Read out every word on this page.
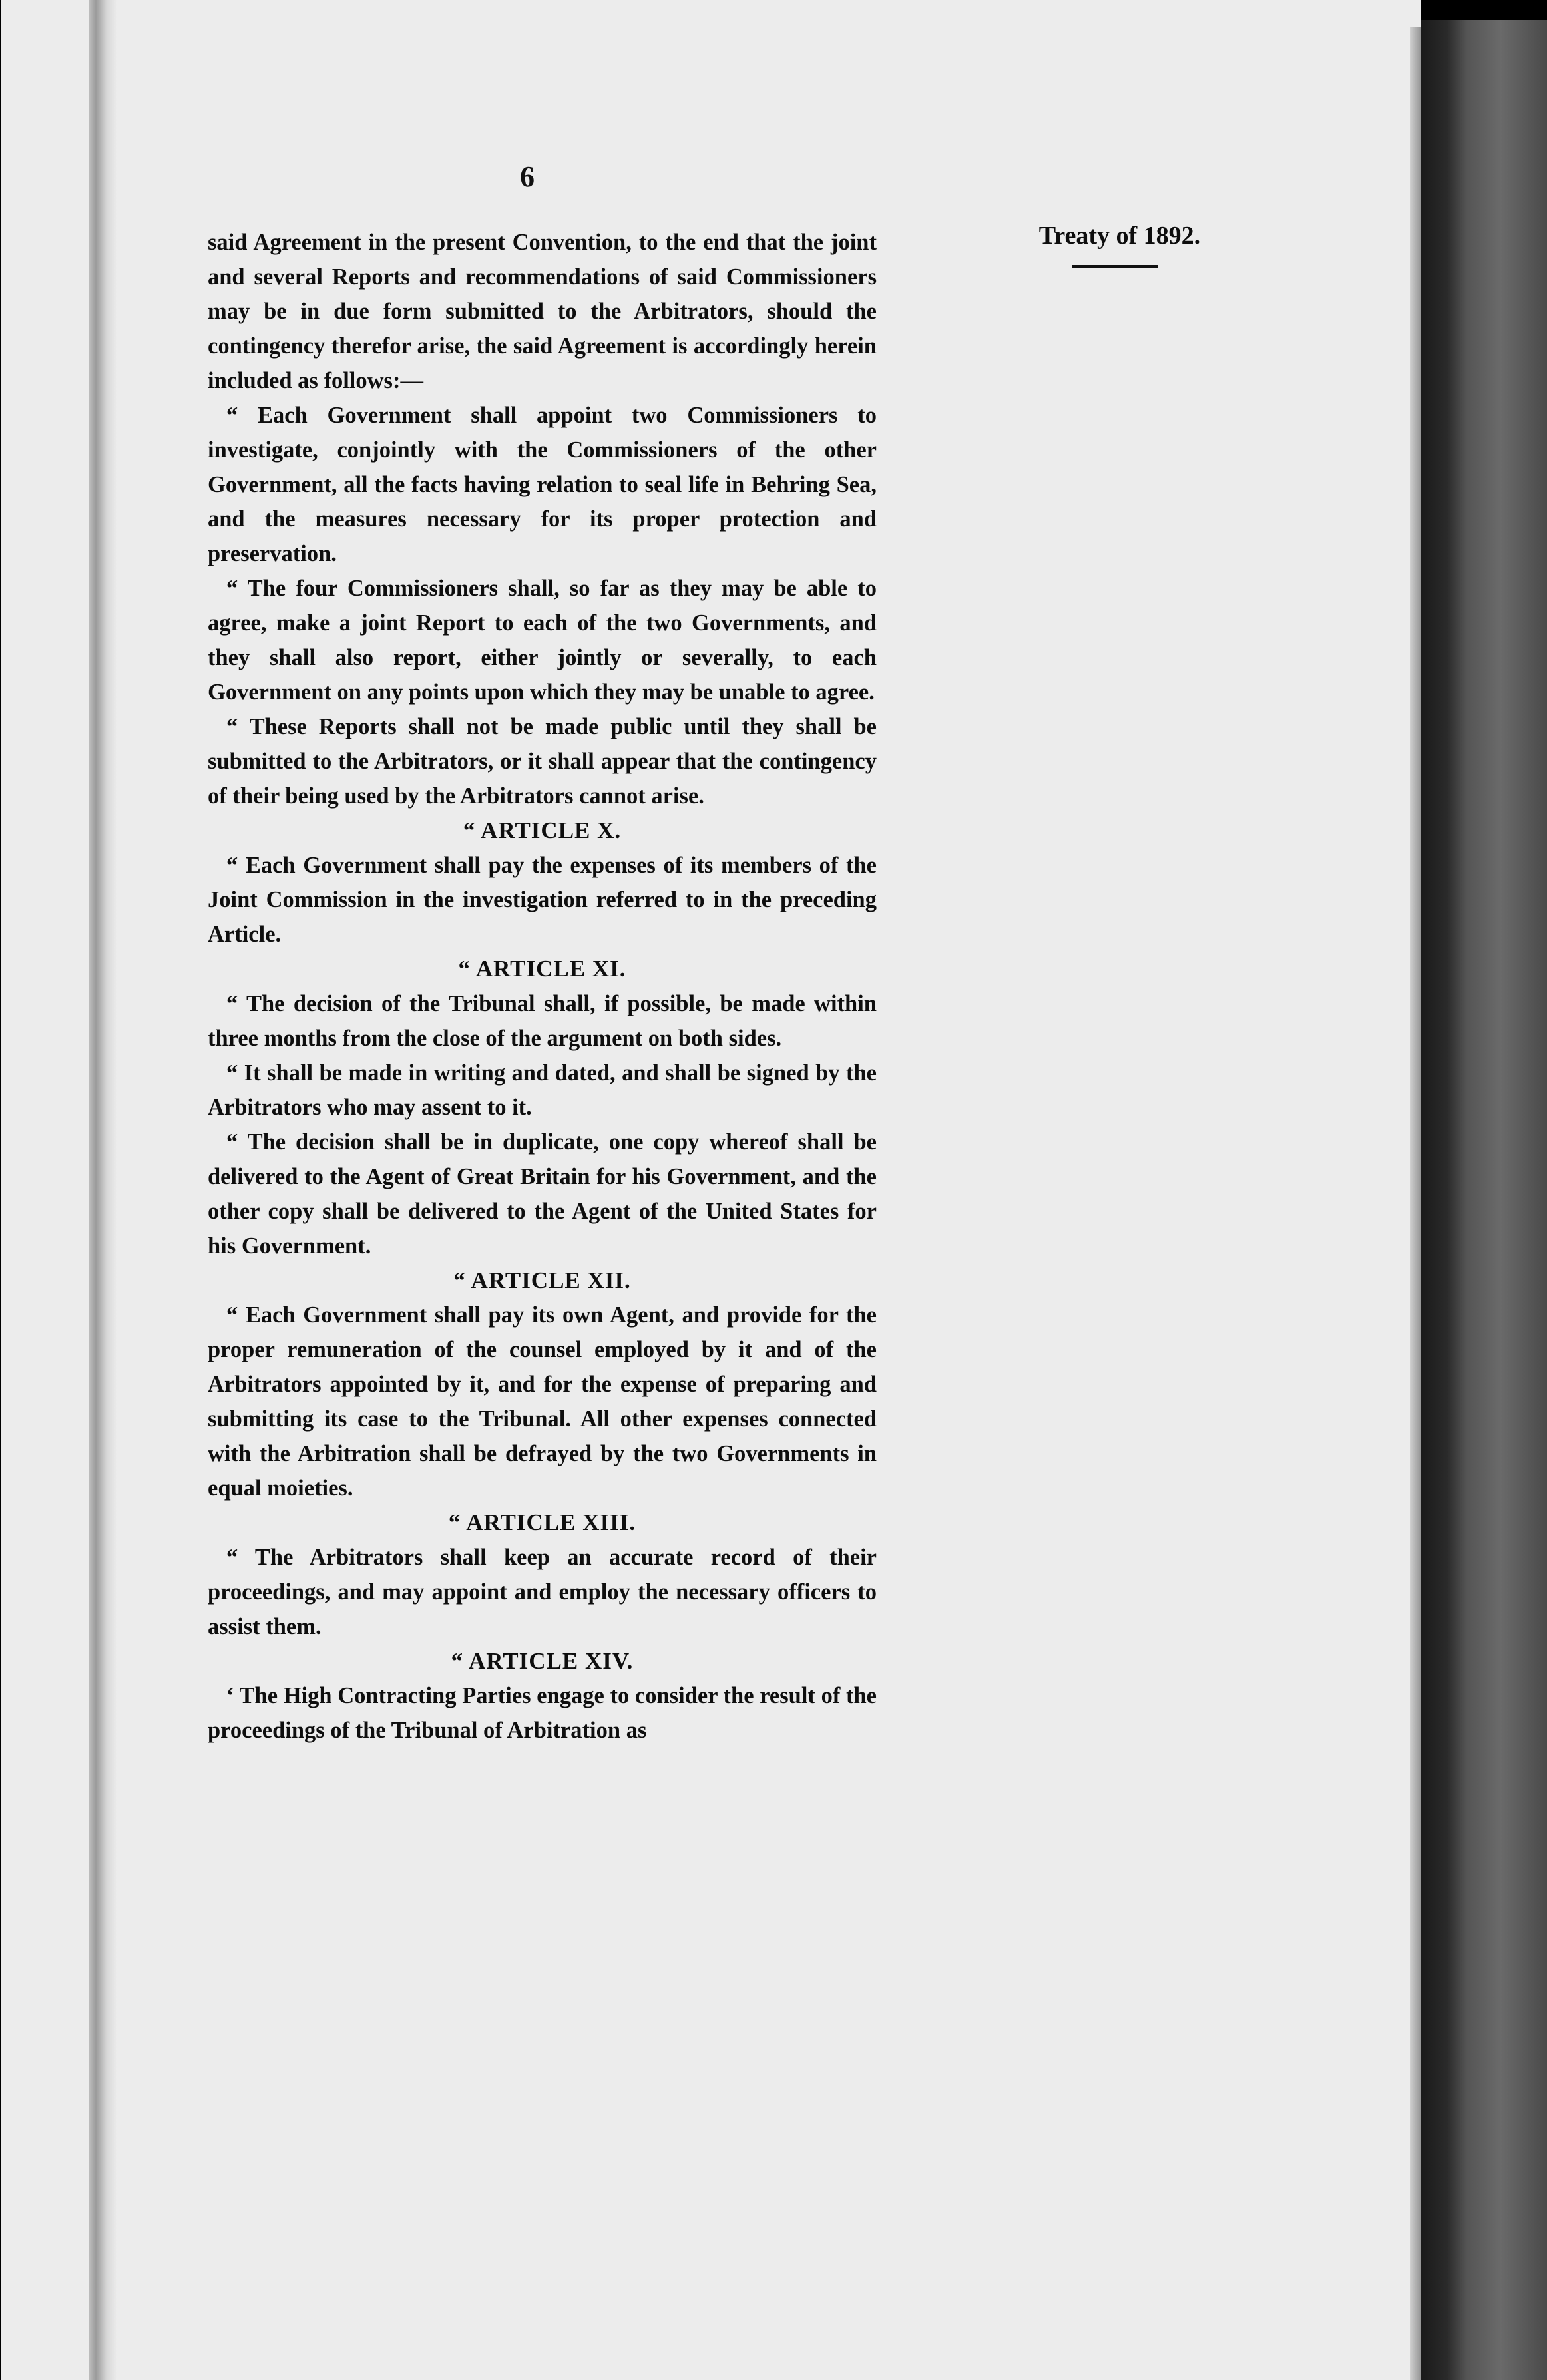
6
Treaty of 1892.

said Agreement in the present Convention, to the end that the joint and several Reports and recommendations of said Commissioners may be in due form submitted to the Arbitrators, should the contingency therefor arise, the said Agreement is accordingly herein included as follows:—

“ Each Government shall appoint two Commissioners to investigate, conjointly with the Commissioners of the other Government, all the facts having relation to seal life in Behring Sea, and the measures necessary for its proper protection and preservation.

“ The four Commissioners shall, so far as they may be able to agree, make a joint Report to each of the two Governments, and they shall also report, either jointly or severally, to each Government on any points upon which they may be unable to agree.

“ These Reports shall not be made public until they shall be submitted to the Arbitrators, or it shall appear that the contingency of their being used by the Arbitrators cannot arise.

“ ARTICLE X.

“ Each Government shall pay the expenses of its members of the Joint Commission in the investigation referred to in the preceding Article.

“ ARTICLE XI.

“ The decision of the Tribunal shall, if possible, be made within three months from the close of the argument on both sides.

“ It shall be made in writing and dated, and shall be signed by the Arbitrators who may assent to it.

“ The decision shall be in duplicate, one copy whereof shall be delivered to the Agent of Great Britain for his Government, and the other copy shall be delivered to the Agent of the United States for his Government.

“ ARTICLE XII.

“ Each Government shall pay its own Agent, and provide for the proper remuneration of the counsel employed by it and of the Arbitrators appointed by it, and for the expense of preparing and submitting its case to the Tribunal. All other expenses connected with the Arbitration shall be defrayed by the two Governments in equal moieties.

“ ARTICLE XIII.

“ The Arbitrators shall keep an accurate record of their proceedings, and may appoint and employ the necessary officers to assist them.

“ ARTICLE XIV.

‘ The High Contracting Parties engage to consider the result of the proceedings of the Tribunal of Arbitration as
